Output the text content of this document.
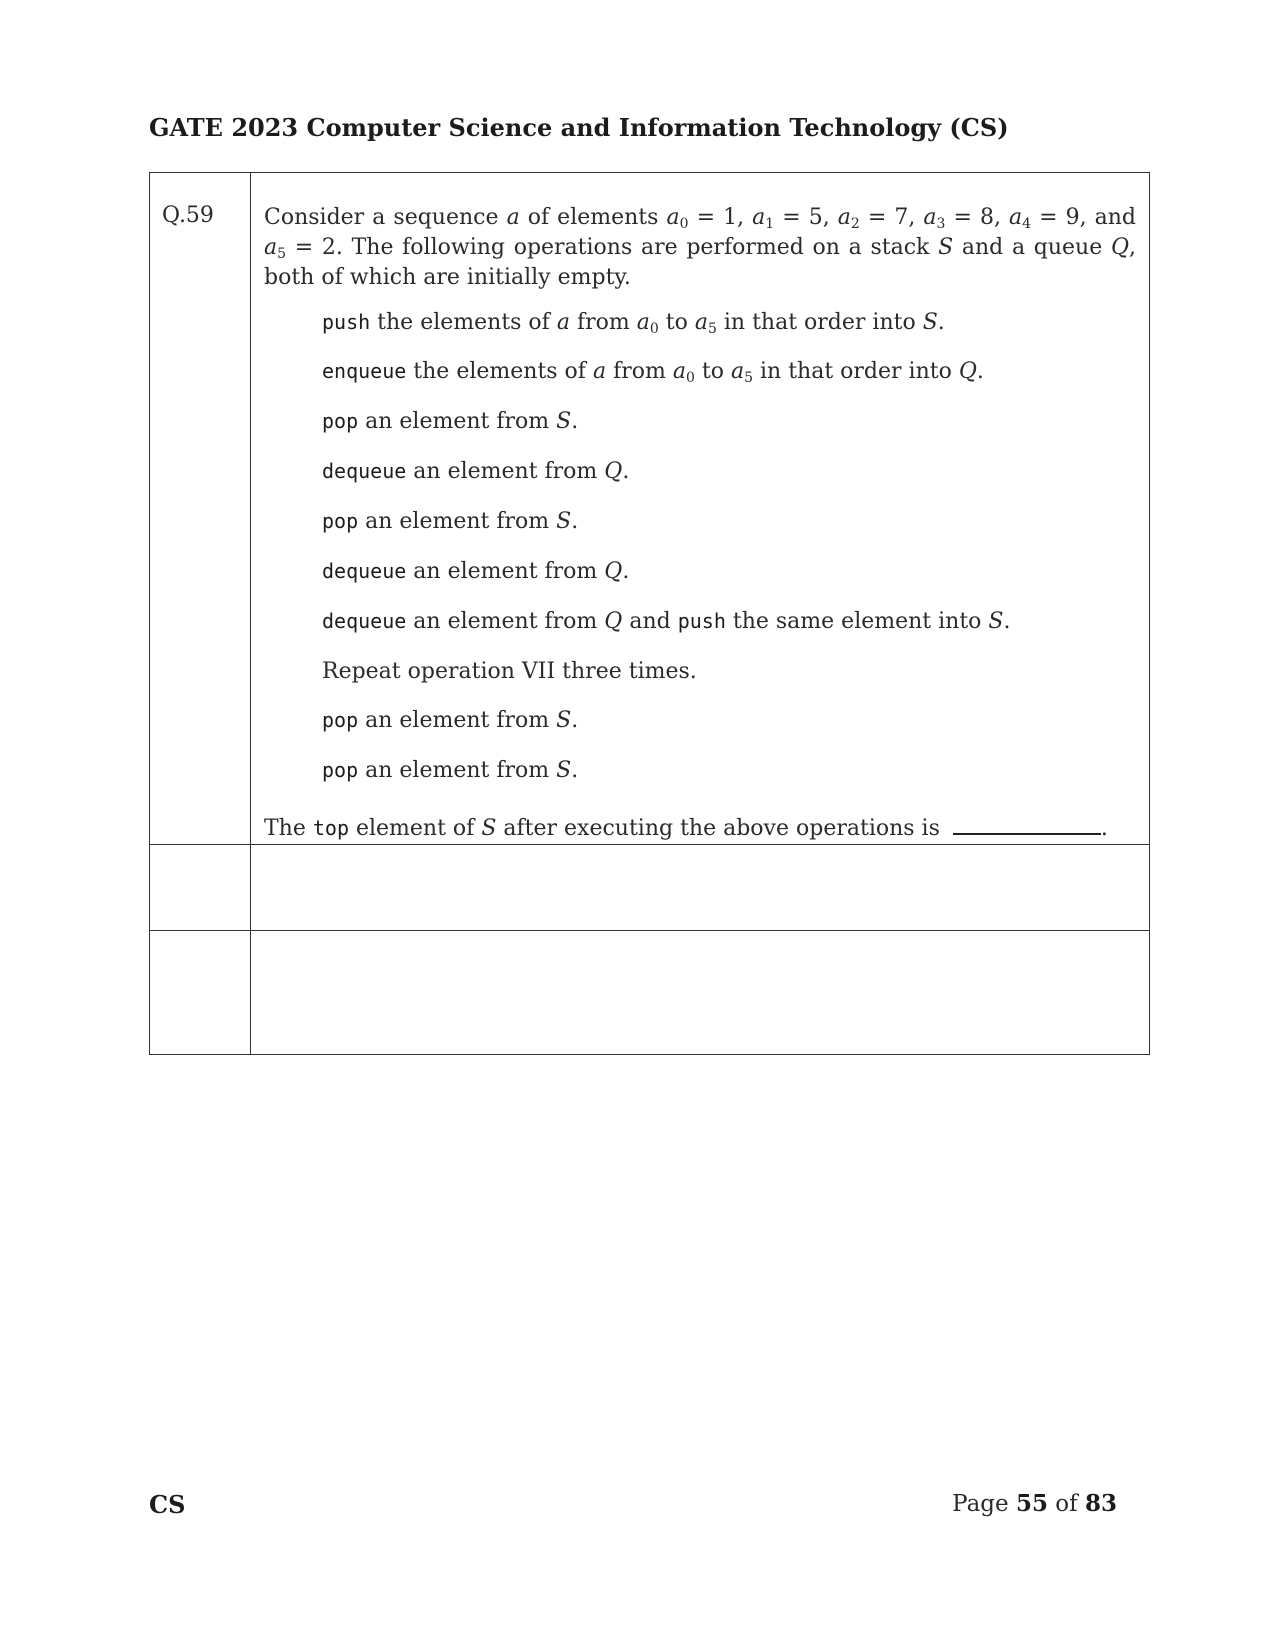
GATE 2023 Computer Science and Information Technology (CS)
Q.59 Consider a sequence a of elements $a_0 = 1$, $a_1 = 5$, $a_2 = 7$, $a_3 = 8$, $a_4 = 9$, and $a_5 = 2$. The following operations are performed on a stack S and a queue Q, both of which are initially empty.
push the elements of a from $a_0$ to $a_5$ in that order into S.
enqueue the elements of a from $a_0$ to $a_5$ in that order into Q.
pop an element from S.
dequeue an element from Q.
pop an element from S.
dequeue an element from Q.
dequeue an element from Q and push the same element into S.
Repeat operation VII three times.
pop an element from S.
pop an element from S.
The top element of S after executing the above operations is	.
CS	Page 55 of 83
